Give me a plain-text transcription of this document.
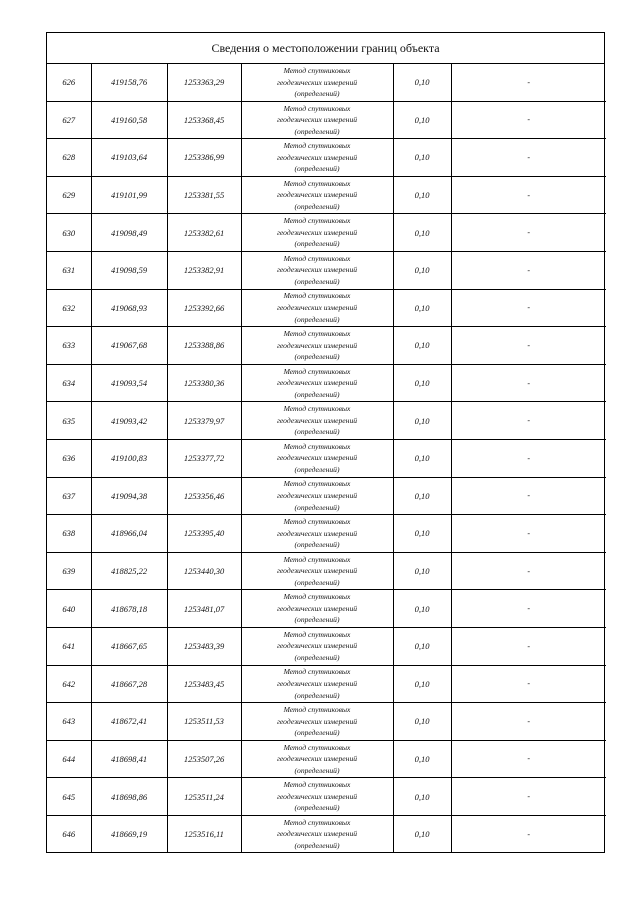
Сведения о местоположении границ объекта
626	419158,76	1253363,29	Метод спутниковых
геодезических измерений
(определений)	0,10	-
627	419160,58	1253368,45	Метод спутниковых
геодезических измерений
(определений)	0,10	-
628	419103,64	1253386,99	Метод спутниковых
геодезических измерений
(определений)	0,10	-
629	419101,99	1253381,55	Метод спутниковых
геодезических измерений
(определений)	0,10	-
630	419098,49	1253382,61	Метод спутниковых
геодезических измерений
(определений)	0,10	-
631	419098,59	1253382,91	Метод спутниковых
геодезических измерений
(определений)	0,10	-
632	419068,93	1253392,66	Метод спутниковых
геодезических измерений
(определений)	0,10	-
633	419067,68	1253388,86	Метод спутниковых
геодезических измерений
(определений)	0,10	-
634	419093,54	1253380,36	Метод спутниковых
геодезических измерений
(определений)	0,10	-
635	419093,42	1253379,97	Метод спутниковых
геодезических измерений
(определений)	0,10	-
636	419100,83	1253377,72	Метод спутниковых
геодезических измерений
(определений)	0,10	-
637	419094,38	1253356,46	Метод спутниковых
геодезических измерений
(определений)	0,10	-
638	418966,04	1253395,40	Метод спутниковых
геодезических измерений
(определений)	0,10	-
639	418825,22	1253440,30	Метод спутниковых
геодезических измерений
(определений)	0,10	-
640	418678,18	1253481,07	Метод спутниковых
геодезических измерений
(определений)	0,10	-
641	418667,65	1253483,39	Метод спутниковых
геодезических измерений
(определений)	0,10	-
642	418667,28	1253483,45	Метод спутниковых
геодезических измерений
(определений)	0,10	-
643	418672,41	1253511,53	Метод спутниковых
геодезических измерений
(определений)	0,10	-
644	418698,41	1253507,26	Метод спутниковых
геодезических измерений
(определений)	0,10	-
645	418698,86	1253511,24	Метод спутниковых
геодезических измерений
(определений)	0,10	-
646	418669,19	1253516,11	Метод спутниковых
геодезических измерений
(определений)	0,10	-
